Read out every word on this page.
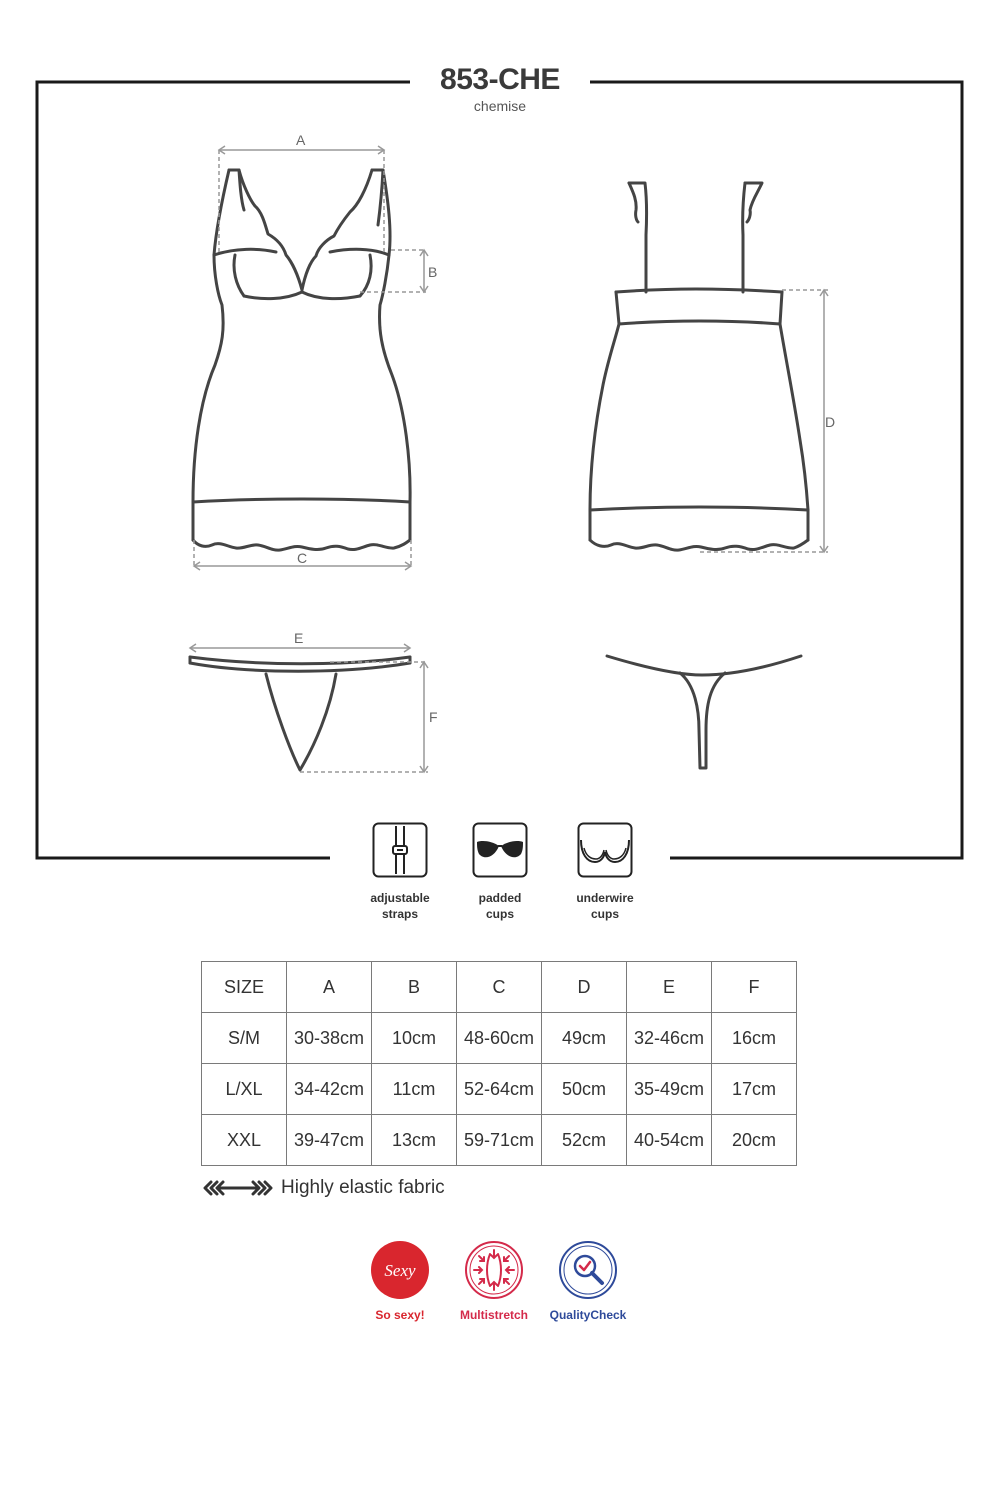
853-CHE
chemise
A
B
C
D
E
F
adjustable
straps
padded
cups
underwire
cups
SIZE	A	B	C	D	E	F
S/M	30-38cm	10cm	48-60cm	49cm	32-46cm	16cm
L/XL	34-42cm	11cm	52-64cm	50cm	35-49cm	17cm
XXL	39-47cm	13cm	59-71cm	52cm	40-54cm	20cm
Highly elastic fabric
Sexy
So sexy!	Multistretch	QualityCheck
